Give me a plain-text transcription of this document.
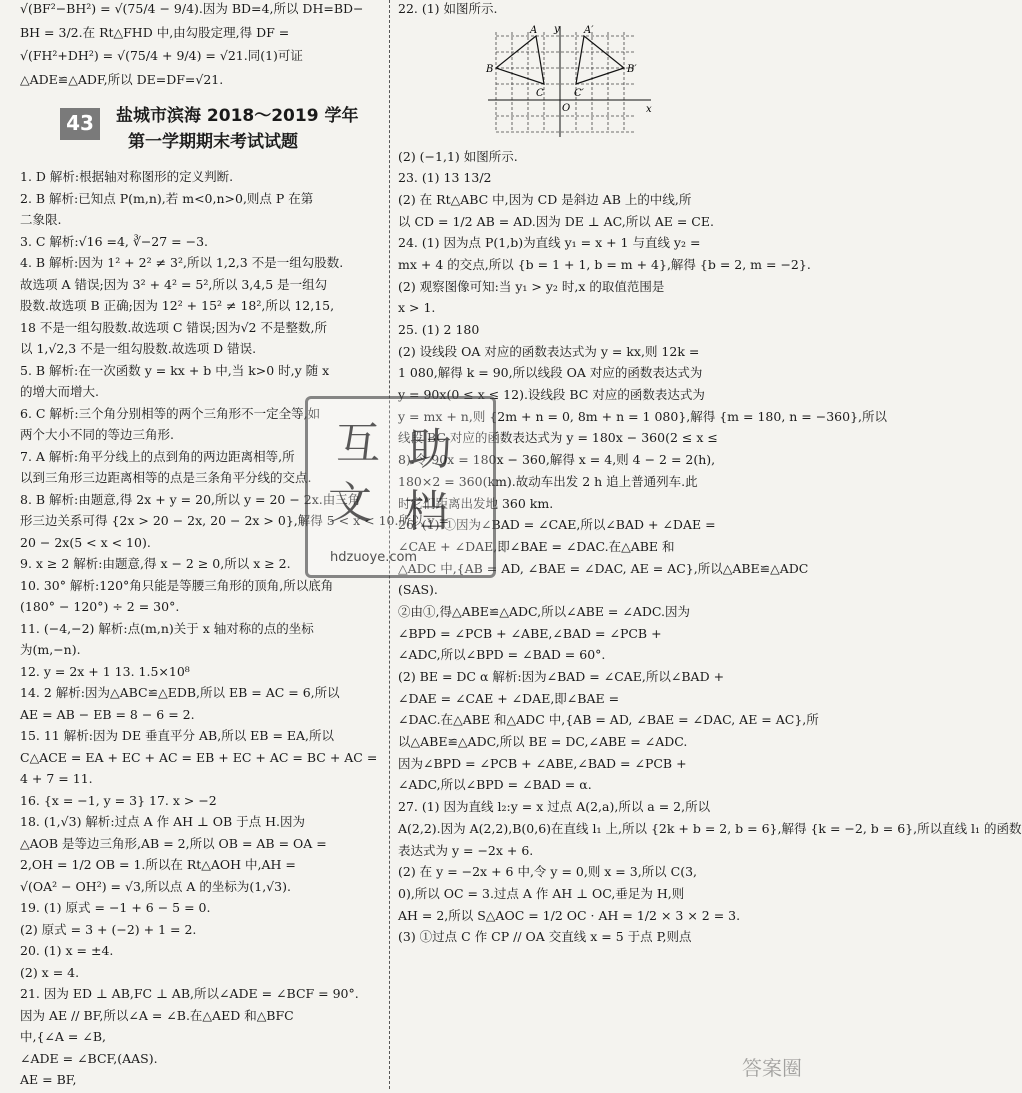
√(BF²−BH²) = √(75/4 − 9/4).因为 BD=4,所以 DH=BD−

BH = 3/2.在 Rt△FHD 中,由勾股定理,得 DF =

√(FH²+DH²) = √(75/4 + 9/4) = √21.同(1)可证

△ADE≌△ADF,所以 DE=DF=√21.

43	盐城市滨海 2018～2019 学年
第一学期期末考试试题

1. D 解析:根据轴对称图形的定义判断.

2. B 解析:已知点 P(m,n),若 m<0,n>0,则点 P 在第

二象限.

3. C 解析:√16 =4, ∛−27 = −3.

4. B 解析:因为 1² + 2² ≠ 3²,所以 1,2,3 不是一组勾股数.

故选项 A 错误;因为 3² + 4² = 5²,所以 3,4,5 是一组勾

股数.故选项 B 正确;因为 12² + 15² ≠ 18²,所以 12,15,

18 不是一组勾股数.故选项 C 错误;因为√2 不是整数,所

以 1,√2,3 不是一组勾股数.故选项 D 错误.

5. B 解析:在一次函数 y = kx + b 中,当 k>0 时,y 随 x

的增大而增大.

6. C 解析:三个角分别相等的两个三角形不一定全等,如

两个大小不同的等边三角形.

7. A 解析:角平分线上的点到角的两边距离相等,所

以到三角形三边距离相等的点是三条角平分线的交点.

8. B 解析:由题意,得 2x + y = 20,所以 y = 20 − 2x.由三角

形三边关系可得 {2x > 20 − 2x, 20 − 2x > 0},解得 5 < x < 10.所以 y =

20 − 2x(5 < x < 10).

9. x ≥ 2 解析:由题意,得 x − 2 ≥ 0,所以 x ≥ 2.

10. 30° 解析:120°角只能是等腰三角形的顶角,所以底角

(180° − 120°) ÷ 2 = 30°.

11. (−4,−2) 解析:点(m,n)关于 x 轴对称的点的坐标

为(m,−n).

12. y = 2x + 1 13. 1.5×10⁸

14. 2 解析:因为△ABC≌△EDB,所以 EB = AC = 6,所以

AE = AB − EB = 8 − 6 = 2.

15. 11 解析:因为 DE 垂直平分 AB,所以 EB = EA,所以

C△ACE = EA + EC + AC = EB + EC + AC = BC + AC =

4 + 7 = 11.

16. {x = −1, y = 3} 17. x > −2

18. (1,√3) 解析:过点 A 作 AH ⊥ OB 于点 H.因为

△AOB 是等边三角形,AB = 2,所以 OB = AB = OA =

2,OH = 1/2 OB = 1.所以在 Rt△AOH 中,AH =

√(OA² − OH²) = √3,所以点 A 的坐标为(1,√3).

19. (1) 原式 = −1 + 6 − 5 = 0.

(2) 原式 = 3 + (−2) + 1 = 2.

20. (1) x = ±4.

(2) x = 4.

21. 因为 ED ⊥ AB,FC ⊥ AB,所以∠ADE = ∠BCF = 90°.

因为 AE // BF,所以∠A = ∠B.在△AED 和△BFC

中,{∠A = ∠B,

∠ADE = ∠BCF,(AAS).

AE = BF,

22. (1) 如图所示.

y
x
O
A	A′
B	B′
C	C′

(2) (−1,1) 如图所示.

23. (1) 13 13/2

(2) 在 Rt△ABC 中,因为 CD 是斜边 AB 上的中线,所

以 CD = 1/2 AB = AD.因为 DE ⊥ AC,所以 AE = CE.

24. (1) 因为点 P(1,b)为直线 y₁ = x + 1 与直线 y₂ =

mx + 4 的交点,所以 {b = 1 + 1, b = m + 4},解得 {b = 2, m = −2}.

(2) 观察图像可知:当 y₁ > y₂ 时,x 的取值范围是

x > 1.

25. (1) 2 180

(2) 设线段 OA 对应的函数表达式为 y = kx,则 12k =

1 080,解得 k = 90,所以线段 OA 对应的函数表达式为

y = 90x(0 ≤ x ≤ 12).设线段 BC 对应的函数表达式为

y = mx + n,则 {2m + n = 0, 8m + n = 1 080},解得 {m = 180, n = −360},所以

线段 BC 对应的函数表达式为 y = 180x − 360(2 ≤ x ≤

8).令 90x = 180x − 360,解得 x = 4,则 4 − 2 = 2(h),

180×2 = 360(km).故动车出发 2 h 追上普通列车.此

时它们距离出发地 360 km.

26. (1) ①因为∠BAD = ∠CAE,所以∠BAD + ∠DAE =

∠CAE + ∠DAE,即∠BAE = ∠DAC.在△ABE 和

△ADC 中,{AB = AD, ∠BAE = ∠DAC, AE = AC},所以△ABE≌△ADC

(SAS).

②由①,得△ABE≌△ADC,所以∠ABE = ∠ADC.因为

∠BPD = ∠PCB + ∠ABE,∠BAD = ∠PCB +

∠ADC,所以∠BPD = ∠BAD = 60°.

(2) BE = DC α 解析:因为∠BAD = ∠CAE,所以∠BAD +

∠DAE = ∠CAE + ∠DAE,即∠BAE =

∠DAC.在△ABE 和△ADC 中,{AB = AD, ∠BAE = ∠DAC, AE = AC},所

以△ABE≌△ADC,所以 BE = DC,∠ABE = ∠ADC.

因为∠BPD = ∠PCB + ∠ABE,∠BAD = ∠PCB +

∠ADC,所以∠BPD = ∠BAD = α.

27. (1) 因为直线 l₂:y = x 过点 A(2,a),所以 a = 2,所以

A(2,2).因为 A(2,2),B(0,6)在直线 l₁ 上,所以 {2k + b = 2, b = 6},解得 {k = −2, b = 6},所以直线 l₁ 的函数

表达式为 y = −2x + 6.

(2) 在 y = −2x + 6 中,令 y = 0,则 x = 3,所以 C(3,

0),所以 OC = 3.过点 A 作 AH ⊥ OC,垂足为 H,则

AH = 2,所以 S△AOC = 1/2 OC · AH = 1/2 × 3 × 2 = 3.

(3) ①过点 C 作 CP // OA 交直线 x = 5 于点 P,则点

互 助
文 档
hdzuoye.com
答案圈
